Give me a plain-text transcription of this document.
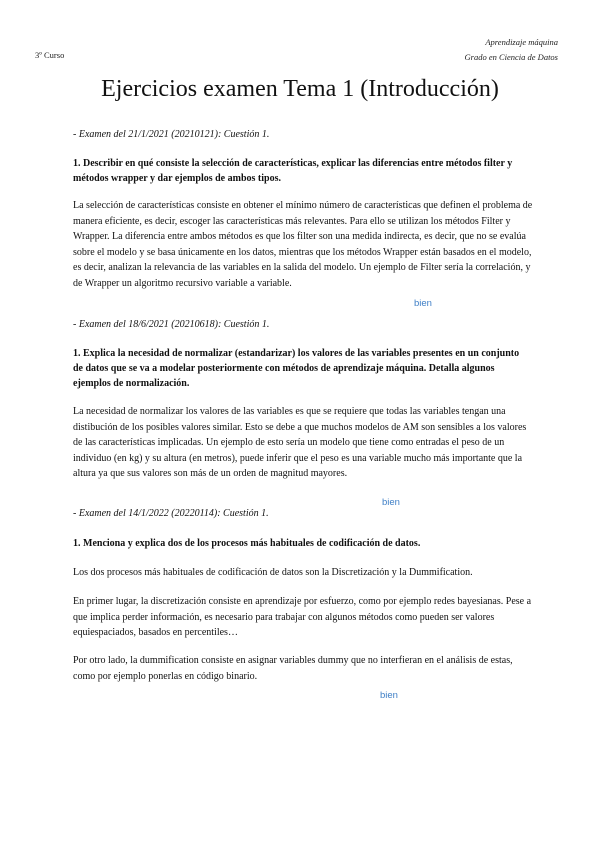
Aprendizaje máquina
Grado en Ciencia de Datos
3º Curso
Ejercicios examen Tema 1 (Introducción)
- Examen del 21/1/2021 (20210121): Cuestión 1.
1. Describir en qué consiste la selección de características, explicar las diferencias entre métodos filter y métodos wrapper y dar ejemplos de ambos tipos.
La selección de características consiste en obtener el mínimo número de características que definen el problema de manera eficiente, es decir, escoger las características más relevantes. Para ello se utilizan los métodos Filter y Wrapper. La diferencia entre ambos métodos es que los filter son una medida indirecta, es decir, que no se evalúa sobre el modelo y se basa únicamente en los datos, mientras que los métodos Wrapper están basados en el modelo, es decir, analizan la relevancia de las variables en la salida del modelo. Un ejemplo de Filter sería la correlación, y de Wrapper un algoritmo recursivo variable a variable.
bien
- Examen del 18/6/2021 (20210618): Cuestión 1.
1. Explica la necesidad de normalizar (estandarizar) los valores de las variables presentes en un conjunto de datos que se va a modelar posteriormente con métodos de aprendizaje máquina. Detalla algunos ejemplos de normalización.
La necesidad de normalizar los valores de las variables es que se requiere que todas las variables tengan una distibución de los posibles valores similar. Esto se debe a que muchos modelos de AM son sensibles a los valores de las características implicadas. Un ejemplo de esto sería un modelo que tiene como entradas el peso de un individuo (en kg) y su altura (en metros), puede inferir que el peso es una variable mucho más importante que la altura ya que sus valores son más de un orden de magnitud mayores.
bien
- Examen del 14/1/2022 (20220114): Cuestión 1.
1. Menciona y explica dos de los procesos más habituales de codificación de datos.
Los dos procesos más habituales de codificación de datos son la Discretización y la Dummification.
En primer lugar, la discretización consiste en aprendizaje por esfuerzo, como por ejemplo redes bayesianas. Pese a que implica perder información, es necesario para trabajar con algunos métodos como pueden ser valores equiespaciados, basados en percentiles…
Por otro lado, la dummification consiste en asignar variables dummy que no interfieran en el análisis de estas, como por ejemplo ponerlas en código binario.
bien
